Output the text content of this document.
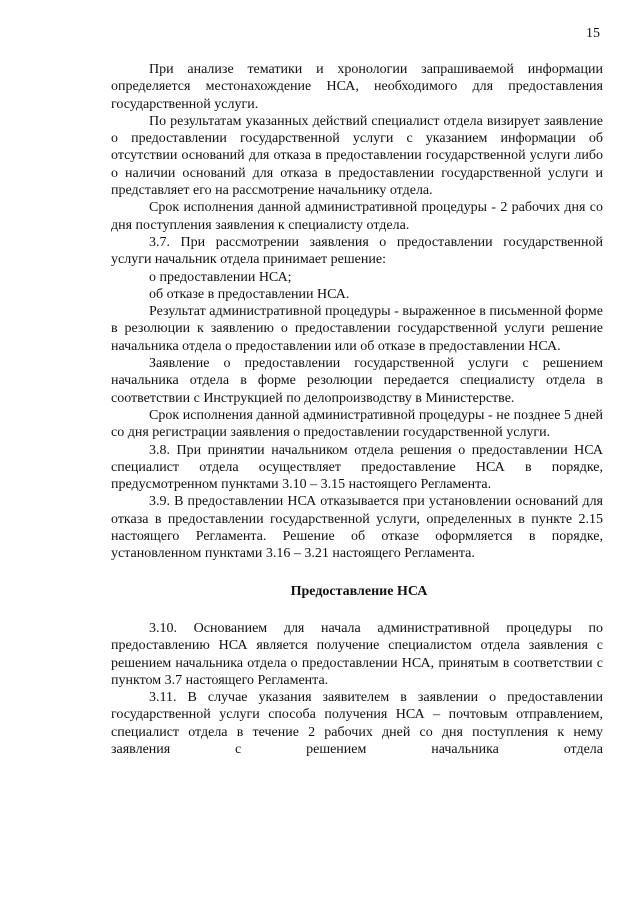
15

При анализе тематики и хронологии запрашиваемой информации определяется местонахождение НСА, необходимого для предоставления государственной услуги.

По результатам указанных действий специалист отдела визирует заявление о предоставлении государственной услуги с указанием информации об отсутствии оснований для отказа в предоставлении государственной услуги либо о наличии оснований для отказа в предоставлении государственной услуги и представляет его на рассмотрение начальнику отдела.

Срок исполнения данной административной процедуры - 2 рабочих дня со дня поступления заявления к специалисту отдела.

3.7. При рассмотрении заявления о предоставлении государственной услуги начальник отдела принимает решение:

о предоставлении НСА;

об отказе в предоставлении НСА.

Результат административной процедуры - выраженное в письменной форме в резолюции к заявлению о предоставлении государственной услуги решение начальника отдела о предоставлении или об отказе в предоставлении НСА.

Заявление о предоставлении государственной услуги с решением начальника отдела в форме резолюции передается специалисту отдела в соответствии с Инструкцией по делопроизводству в Министерстве.

Срок исполнения данной административной процедуры - не позднее 5 дней со дня регистрации заявления о предоставлении государственной услуги.

3.8. При принятии начальником отдела решения о предоставлении НСА специалист отдела осуществляет предоставление НСА в порядке, предусмотренном пунктами 3.10 – 3.15 настоящего Регламента.

3.9. В предоставлении НСА отказывается при установлении оснований для отказа в предоставлении государственной услуги, определенных в пункте 2.15 настоящего Регламента. Решение об отказе оформляется в порядке, установленном пунктами 3.16 – 3.21 настоящего Регламента.

Предоставление НСА

3.10. Основанием для начала административной процедуры по предоставлению НСА является получение специалистом отдела заявления с решением начальника отдела о предоставлении НСА, принятым в соответствии с пунктом 3.7 настоящего Регламента.

3.11. В случае указания заявителем в заявлении о предоставлении государственной услуги способа получения НСА – почтовым отправлением, специалист отдела в течение 2 рабочих дней со дня поступления к нему заявления с решением начальника отдела
